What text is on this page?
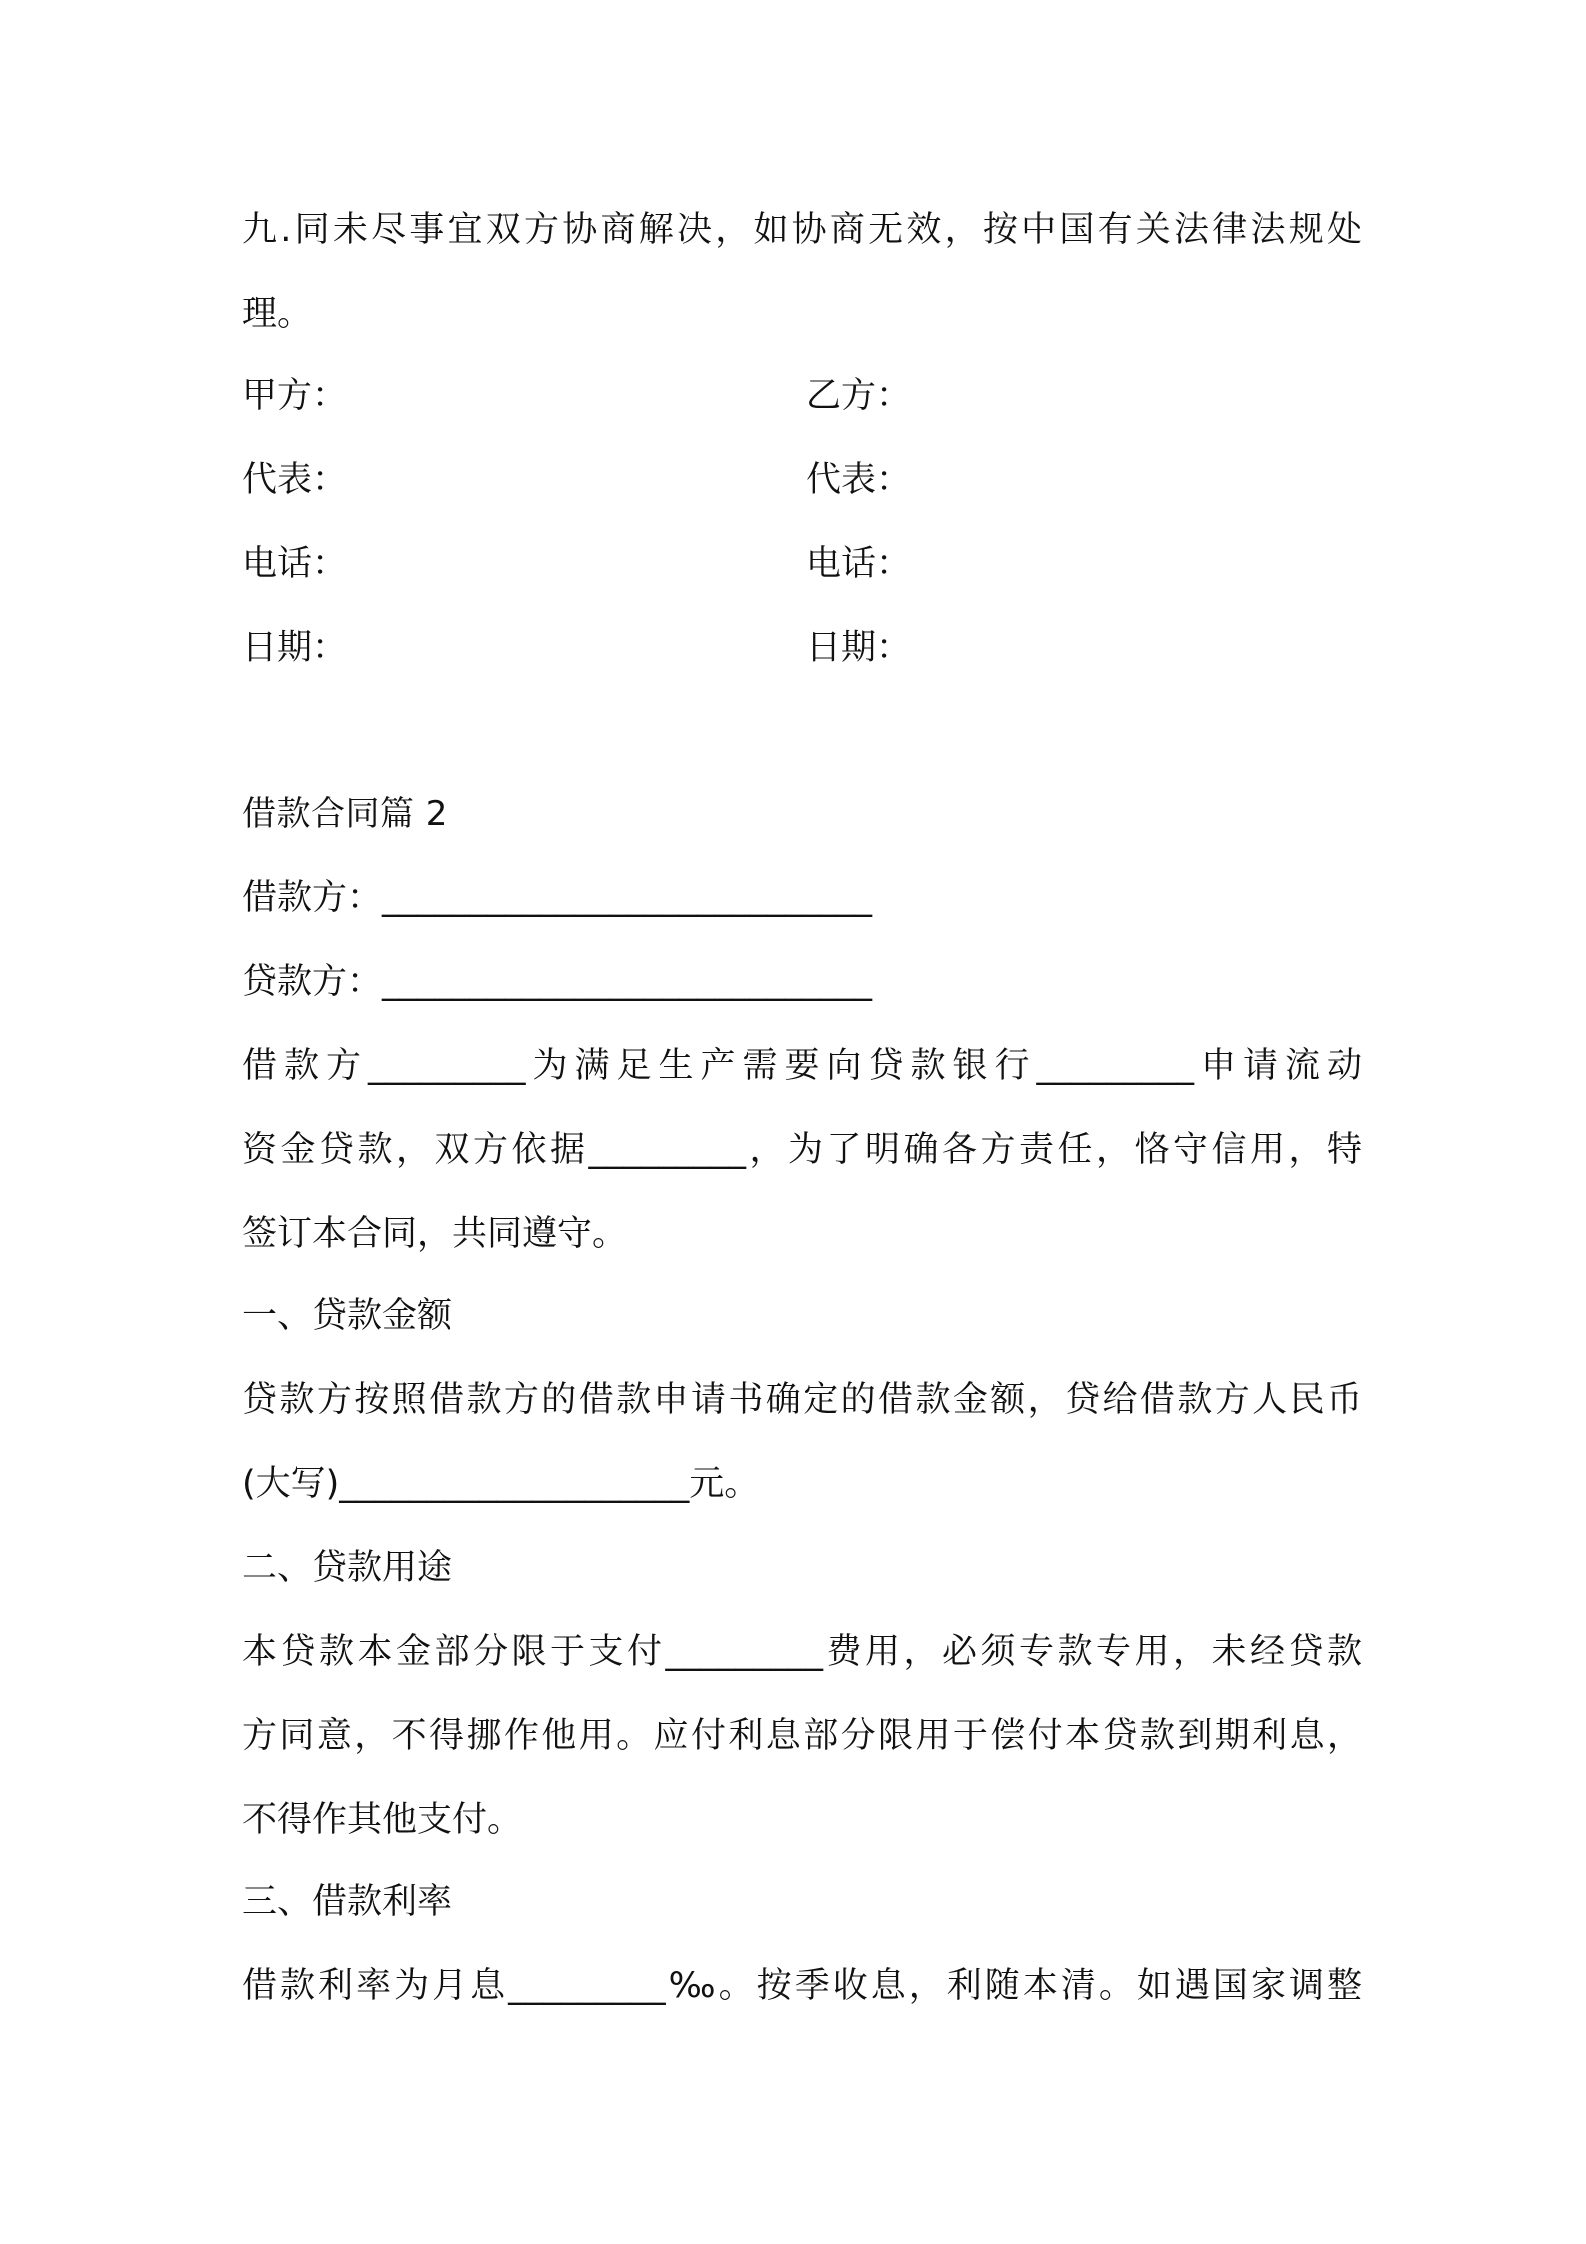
九.同未尽事宜双方协商解决，如协商无效，按中国有关法律法规处
理。
甲方：	乙方：
代表：	代表：
电话：	电话：
日期：	日期：
借款合同篇 2
借款方：____________________________
贷款方：____________________________
借款方_________为满足生产需要向贷款银行_________申请流动
资金贷款，双方依据_________，为了明确各方责任，恪守信用，特
签订本合同，共同遵守。
一、贷款金额
贷款方按照借款方的借款申请书确定的借款金额，贷给借款方人民币
(大写)____________________元。
二、贷款用途
本贷款本金部分限于支付_________费用，必须专款专用，未经贷款
方同意，不得挪作他用。应付利息部分限用于偿付本贷款到期利息，
不得作其他支付。
三、借款利率
借款利率为月息_________‰。按季收息，利随本清。如遇国家调整
